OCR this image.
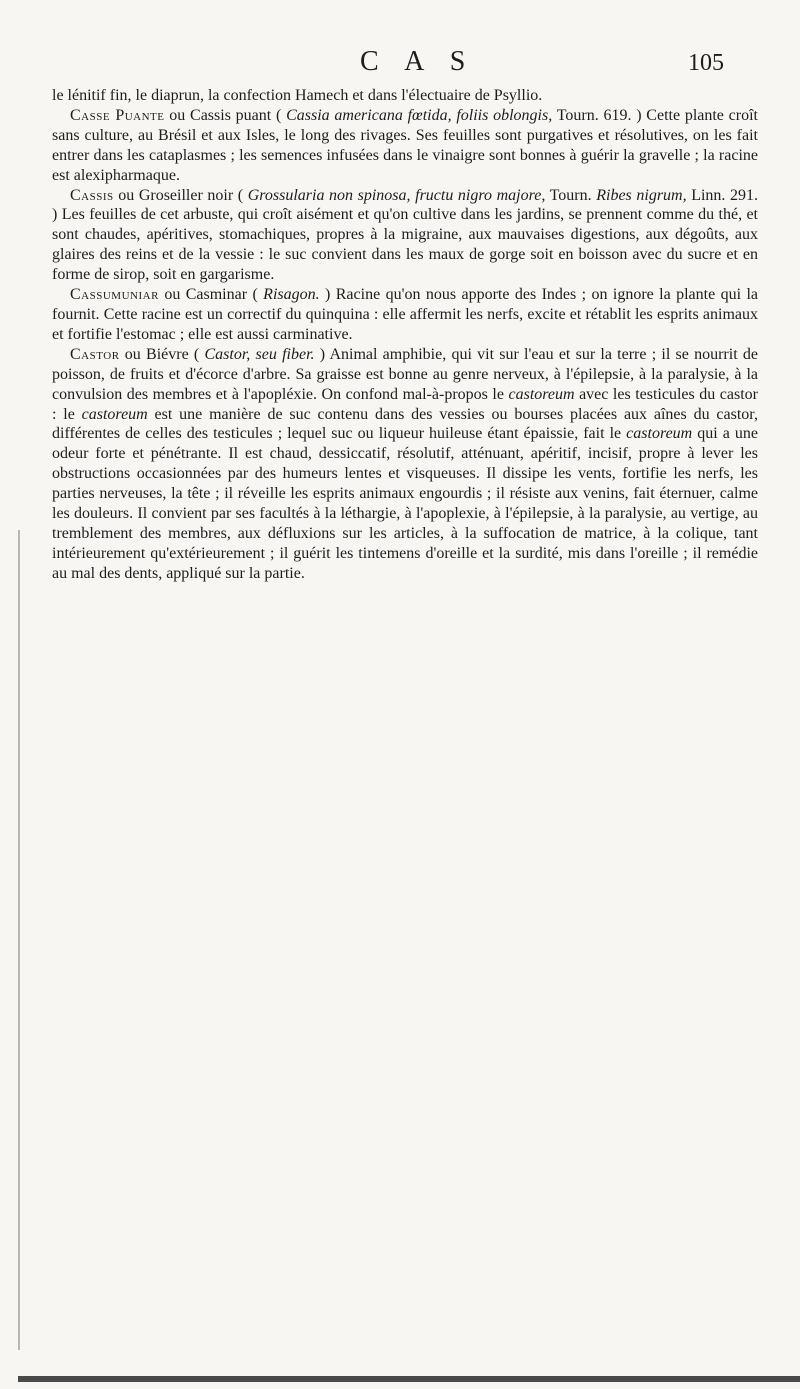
C A S	105

le lénitif fin, le diaprun, la confection Hamech et dans l'électuaire de Psyllio.

Casse Puante ou Cassis puant ( Cassia americana fœtida, foliis oblongis, Tourn. 619. ) Cette plante croît sans culture, au Brésil et aux Isles, le long des rivages. Ses feuilles sont purgatives et résolutives, on les fait entrer dans les cataplasmes ; les semences infusées dans le vinaigre sont bonnes à guérir la gravelle ; la racine est alexipharmaque.

Cassis ou Groseiller noir ( Grossularia non spinosa, fructu nigro majore, Tourn. Ribes nigrum, Linn. 291. ) Les feuilles de cet arbuste, qui croît aisément et qu'on cultive dans les jardins, se prennent comme du thé, et sont chaudes, apéritives, stomachiques, propres à la migraine, aux mauvaises digestions, aux dégoûts, aux glaires des reins et de la vessie : le suc convient dans les maux de gorge soit en boisson avec du sucre et en forme de sirop, soit en gargarisme.

Cassumuniar ou Casminar ( Risagon. ) Racine qu'on nous apporte des Indes ; on ignore la plante qui la fournit. Cette racine est un correctif du quinquina : elle affermit les nerfs, excite et rétablit les esprits animaux et fortifie l'estomac ; elle est aussi carminative.

Castor ou Biévre ( Castor, seu fiber. ) Animal amphibie, qui vit sur l'eau et sur la terre ; il se nourrit de poisson, de fruits et d'écorce d'arbre. Sa graisse est bonne au genre nerveux, à l'épilepsie, à la paralysie, à la convulsion des membres et à l'apopléxie. On confond mal-à-propos le castoreum avec les testicules du castor : le castoreum est une manière de suc contenu dans des vessies ou bourses placées aux aînes du castor, différentes de celles des testicules ; lequel suc ou liqueur huileuse étant épaissie, fait le castoreum qui a une odeur forte et pénétrante. Il est chaud, dessiccatif, résolutif, atténuant, apéritif, incisif, propre à lever les obstructions occasionnées par des humeurs lentes et visqueuses. Il dissipe les vents, fortifie les nerfs, les parties nerveuses, la tête ; il réveille les esprits animaux engourdis ; il résiste aux venins, fait éternuer, calme les douleurs. Il convient par ses facultés à la léthargie, à l'apoplexie, à l'épilepsie, à la paralysie, au vertige, au tremblement des membres, aux défluxions sur les articles, à la suffocation de matrice, à la colique, tant intérieurement qu'extérieurement ; il guérit les tintemens d'oreille et la surdité, mis dans l'oreille ; il remédie au mal des dents, appliqué sur la partie.
